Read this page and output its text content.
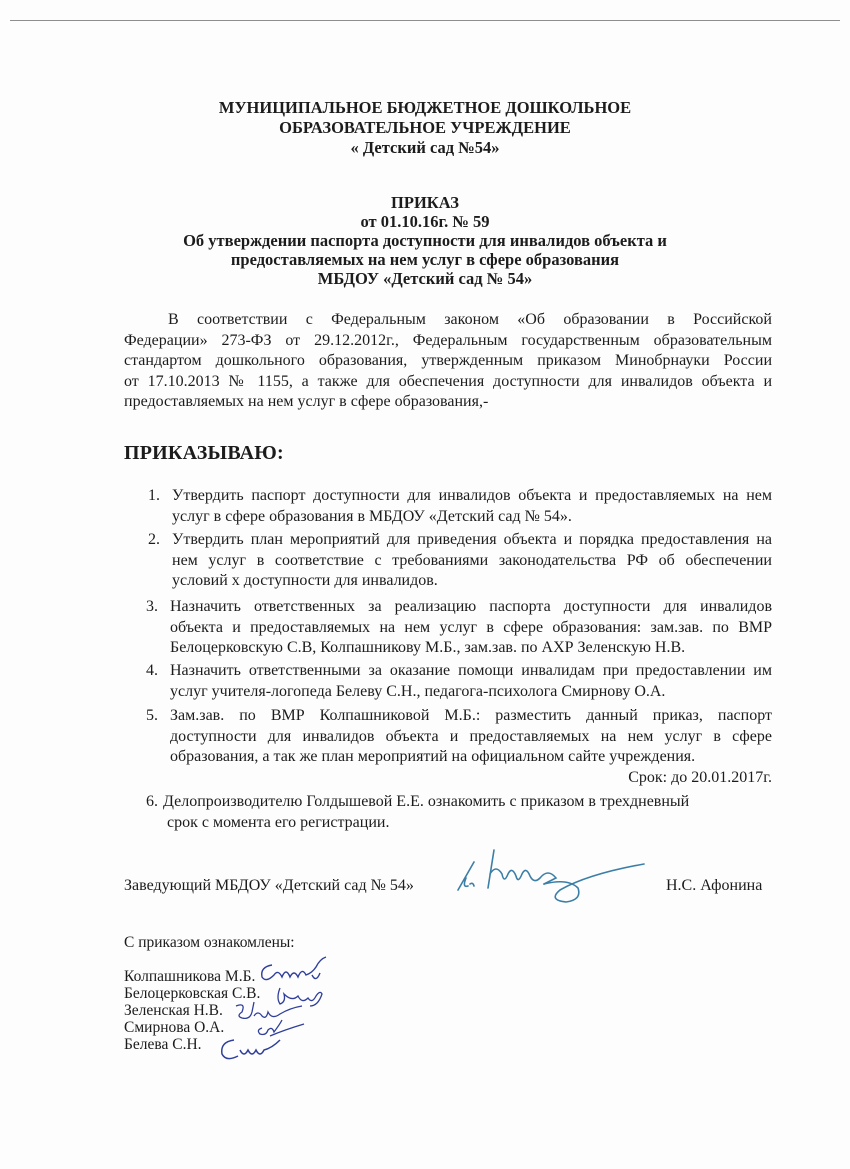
МУНИЦИПАЛЬНОЕ БЮДЖЕТНОЕ ДОШКОЛЬНОЕ
ОБРАЗОВАТЕЛЬНОЕ УЧРЕЖДЕНИЕ
« Детский сад №54»
ПРИКАЗ
от 01.10.16г. № 59
Об утверждении паспорта доступности для инвалидов объекта и
предоставляемых на нем услуг в сфере образования
МБДОУ «Детский сад № 54»
В соответствии с Федеральным законом «Об образовании в Российской
Федерации» 273-ФЗ от 29.12.2012г., Федеральным государственным образовательным
стандартом дошкольного образования, утвержденным приказом Минобрнауки России
от 17.10.2013 № 1155, а также для обеспечения доступности для инвалидов объекта и
предоставляемых на нем услуг в сфере образования,-
ПРИКАЗЫВАЮ:
1. Утвердить паспорт доступности для инвалидов объекта и предоставляемых на нем
услуг в сфере образования в МБДОУ «Детский сад № 54».
2. Утвердить план мероприятий для приведения объекта и порядка предоставления на
нем услуг в соответствие с требованиями законодательства РФ об обеспечении
условий х доступности для инвалидов.
3. Назначить ответственных за реализацию паспорта доступности для инвалидов
объекта и предоставляемых на нем услуг в сфере образования: зам.зав. по ВМР
Белоцерковскую С.В, Колпашникову М.Б., зам.зав. по АХР Зеленскую Н.В.
4. Назначить ответственными за оказание помощи инвалидам при предоставлении им
услуг учителя-логопеда Белеву С.Н., педагога-психолога Смирнову О.А.
5. Зам.зав. по ВМР Колпашниковой М.Б.: разместить данный приказ, паспорт
доступности для инвалидов объекта и предоставляемых на нем услуг в сфере
образования, а так же план мероприятий на официальном сайте учреждения.
Срок: до 20.01.2017г.
6. Делопроизводителю Голдышевой Е.Е. ознакомить с приказом в трехдневный
срок с момента его регистрации.
Заведующий МБДОУ «Детский сад № 54»	Н.С. Афонина
С приказом ознакомлены:
Колпашникова М.Б.
Белоцерковская С.В.
Зеленская Н.В.
Смирнова О.А.
Белева С.Н.
